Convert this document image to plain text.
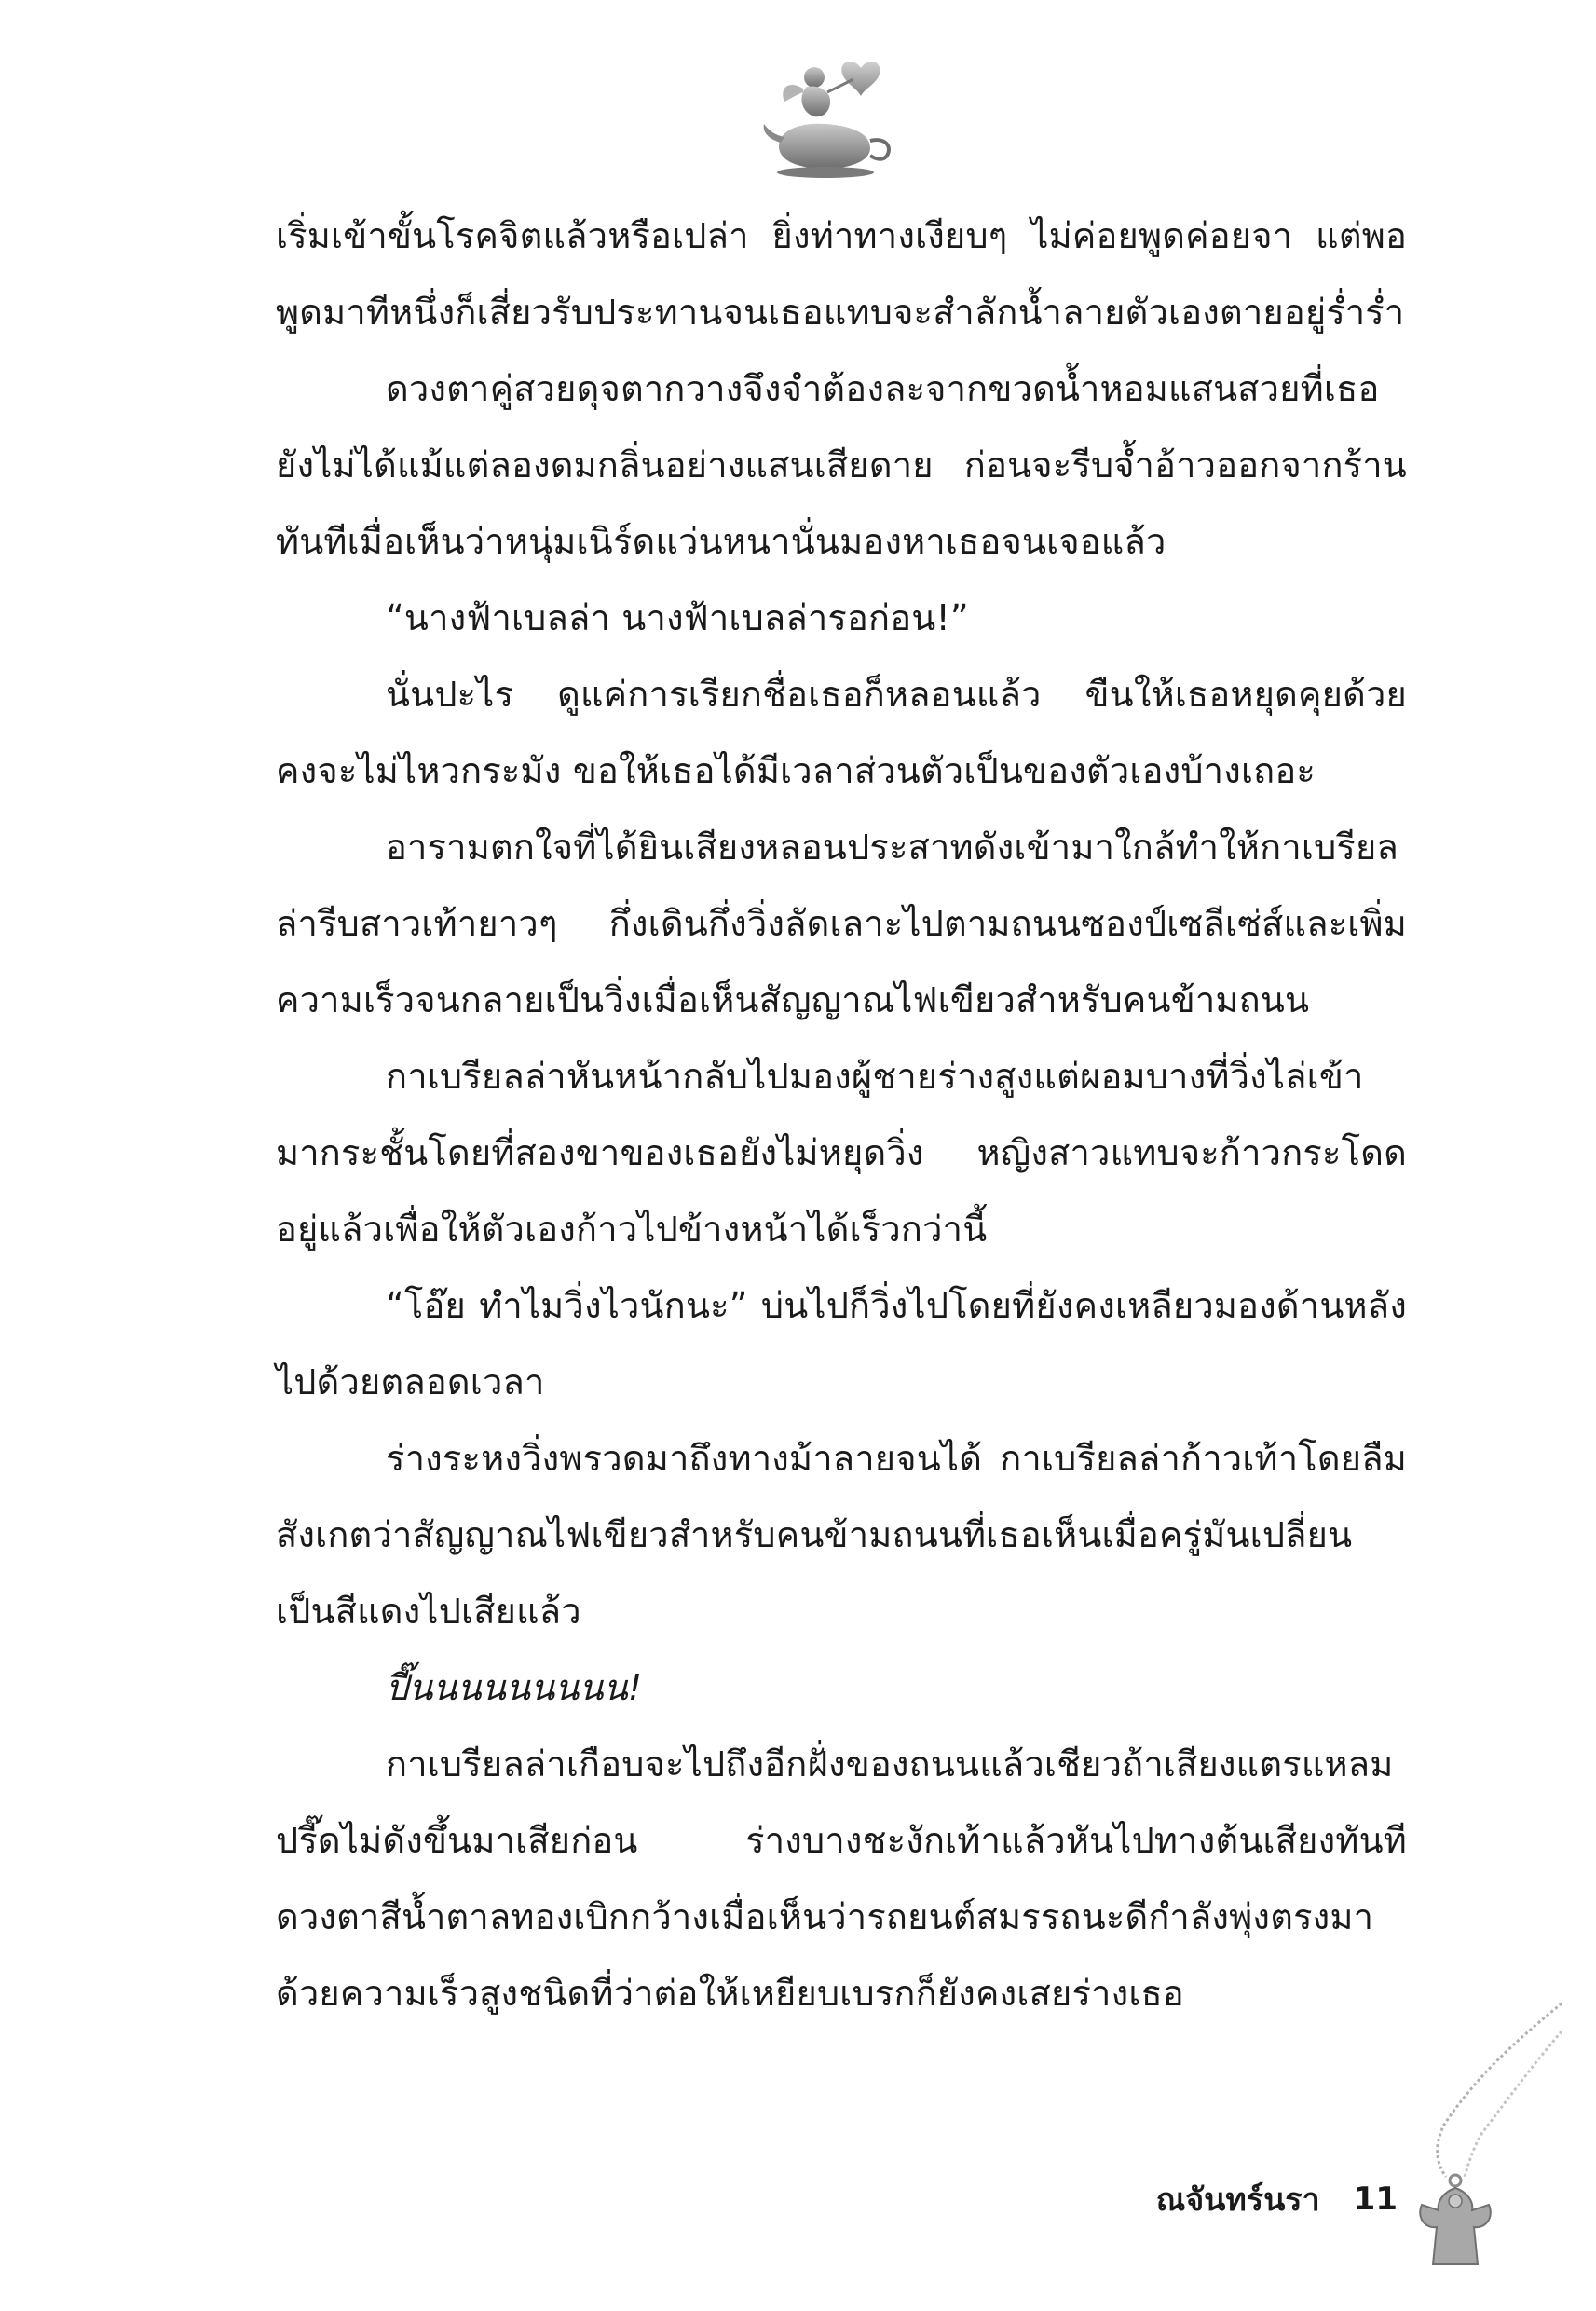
เริ่มเข้าขั้นโรคจิตแล้วหรือเปล่า ยิ่งท่าทางเงียบๆ ไม่ค่อยพูดค่อยจา แต่พอพูดมาทีหนึ่งก็เสี่ยวรับประทานจนเธอแทบจะสำลักน้ำลายตัวเองตายอยู่ร่ำร่ำ

ดวงตาคู่สวยดุจตากวางจึงจำต้องละจากขวดน้ำหอมแสนสวยที่เธอยังไม่ได้แม้แต่ลองดมกลิ่นอย่างแสนเสียดาย ก่อนจะรีบจ้ำอ้าวออกจากร้านทันทีเมื่อเห็นว่าหนุ่มเนิร์ดแว่นหนานั่นมองหาเธอจนเจอแล้ว

“นางฟ้าเบลล่า นางฟ้าเบลล่ารอก่อน!”

นั่นปะไร ดูแค่การเรียกชื่อเธอก็หลอนแล้ว ขืนให้เธอหยุดคุยด้วยคงจะไม่ไหวกระมัง ขอให้เธอได้มีเวลาส่วนตัวเป็นของตัวเองบ้างเถอะ

อารามตกใจที่ได้ยินเสียงหลอนประสาทดังเข้ามาใกล้ทำให้กาเบรียลล่ารีบสาวเท้ายาวๆ กึ่งเดินกึ่งวิ่งลัดเลาะไปตามถนนซองป์เซลีเซ่ส์และเพิ่มความเร็วจนกลายเป็นวิ่งเมื่อเห็นสัญญาณไฟเขียวสำหรับคนข้ามถนน

กาเบรียลล่าหันหน้ากลับไปมองผู้ชายร่างสูงแต่ผอมบางที่วิ่งไล่เข้ามากระชั้นโดยที่สองขาของเธอยังไม่หยุดวิ่ง หญิงสาวแทบจะก้าวกระโดดอยู่แล้วเพื่อให้ตัวเองก้าวไปข้างหน้าได้เร็วกว่านี้

“โอ๊ย ทำไมวิ่งไวนักนะ” บ่นไปก็วิ่งไปโดยที่ยังคงเหลียวมองด้านหลังไปด้วยตลอดเวลา

ร่างระหงวิ่งพรวดมาถึงทางม้าลายจนได้ กาเบรียลล่าก้าวเท้าโดยลืมสังเกตว่าสัญญาณไฟเขียวสำหรับคนข้ามถนนที่เธอเห็นเมื่อครู่มันเปลี่ยนเป็นสีแดงไปเสียแล้ว

ปี๊นนนนนนนนน!

กาเบรียลล่าเกือบจะไปถึงอีกฝั่งของถนนแล้วเชียวถ้าเสียงแตรแหลมปรี๊ดไม่ดังขึ้นมาเสียก่อน ร่างบางชะงักเท้าแล้วหันไปทางต้นเสียงทันที ดวงตาสีน้ำตาลทองเบิกกว้างเมื่อเห็นว่ารถยนต์สมรรถนะดีกำลังพุ่งตรงมาด้วยความเร็วสูงชนิดที่ว่าต่อให้เหยียบเบรกก็ยังคงเสยร่างเธอ

ณจันทร์นรา 11
